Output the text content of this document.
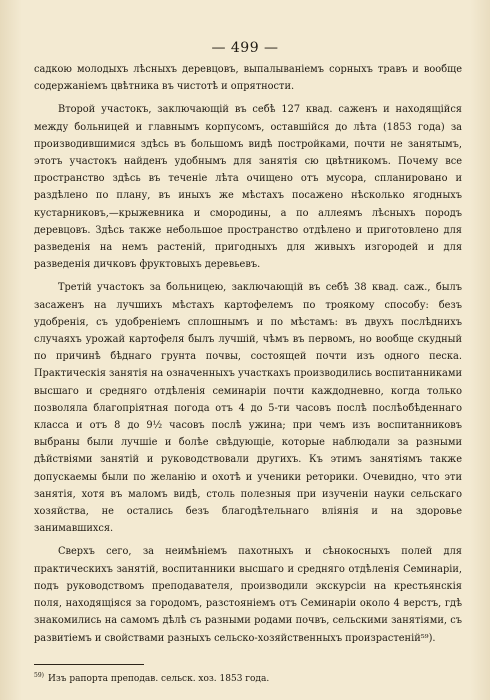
— 499 —

садкою молодыхъ лѣсныхъ деревцовъ, выпалываніемъ сорныхъ травъ и вообще содержаніемъ цвѣтника въ чистотѣ и опрятности.

Второй участокъ, заключающій въ себѣ 127 квад. саженъ и находящійся между больницей и главнымъ корпусомъ, оставшійся до лѣта (1853 года) за производившимися здѣсь въ большомъ видѣ постройками, почти не занятымъ, этотъ участокъ найденъ удобнымъ для занятія сю цвѣтникомъ. Почему все пространство здѣсь въ теченіе лѣта очищено отъ мусора, спланировано и раздѣлено по плану, въ иныхъ же мѣстахъ посажено нѣсколько ягодныхъ кустарниковъ,—крыжевника и смородины, а по аллеямъ лѣсныхъ породъ деревцовъ. Здѣсь также небольшое пространство отдѣлено и приготовлено для разведенія на немъ растеній, пригодныхъ для живыхъ изгородей и для разведенія дичковъ фруктовыхъ деревьевъ.

Третій участокъ за больницею, заключающій въ себѣ 38 квад. саж., былъ засаженъ на лучшихъ мѣстахъ картофелемъ по троякому способу: безъ удобренія, съ удобреніемъ сплошнымъ и по мѣстамъ: въ двухъ послѣднихъ случаяхъ урожай картофеля былъ лучшій, чѣмъ въ первомъ, но вообще скудный по причинѣ бѣднаго грунта почвы, состоящей почти изъ одного песка. Практическія занятія на означенныхъ участкахъ производились воспитанниками высшаго и средняго отдѣленія семинаріи почти каждодневно, когда только позволяла благопріятная погода отъ 4 до 5-ти часовъ послѣ послѣобѣденнаго класса и отъ 8 до 9½ часовъ послѣ ужина; при чемъ изъ воспитанниковъ выбраны были лучшіе и болѣе свѣдующіе, которые наблюдали за разными дѣйствіями занятій и руководствовали другихъ. Къ этимъ занятіямъ также допускаемы были по желанію и охотѣ и ученики реторики. Очевидно, что эти занятія, хотя въ маломъ видѣ, столь полезныя при изученіи науки сельскаго хозяйства, не остались безъ благодѣтельнаго вліянія и на здоровье занимавшихся.

Сверхъ сего, за неимѣніемъ пахотныхъ и сѣнокосныхъ полей для практическихъ занятій, воспитанники высшаго и средняго отдѣленія Семинаріи, подъ руководствомъ преподавателя, производили экскурсіи на крестьянскія поля, находящіяся за городомъ, разстояніемъ отъ Семинаріи около 4 верстъ, гдѣ знакомились на самомъ дѣлѣ съ разными родами почвъ, сельскими занятіями, съ развитіемъ и свойствами разныхъ сельско-хозяйственныхъ произрастеній⁵⁹).

$^{59)}$ Изъ рапорта преподав. сельск. хоз. 1853 года.
